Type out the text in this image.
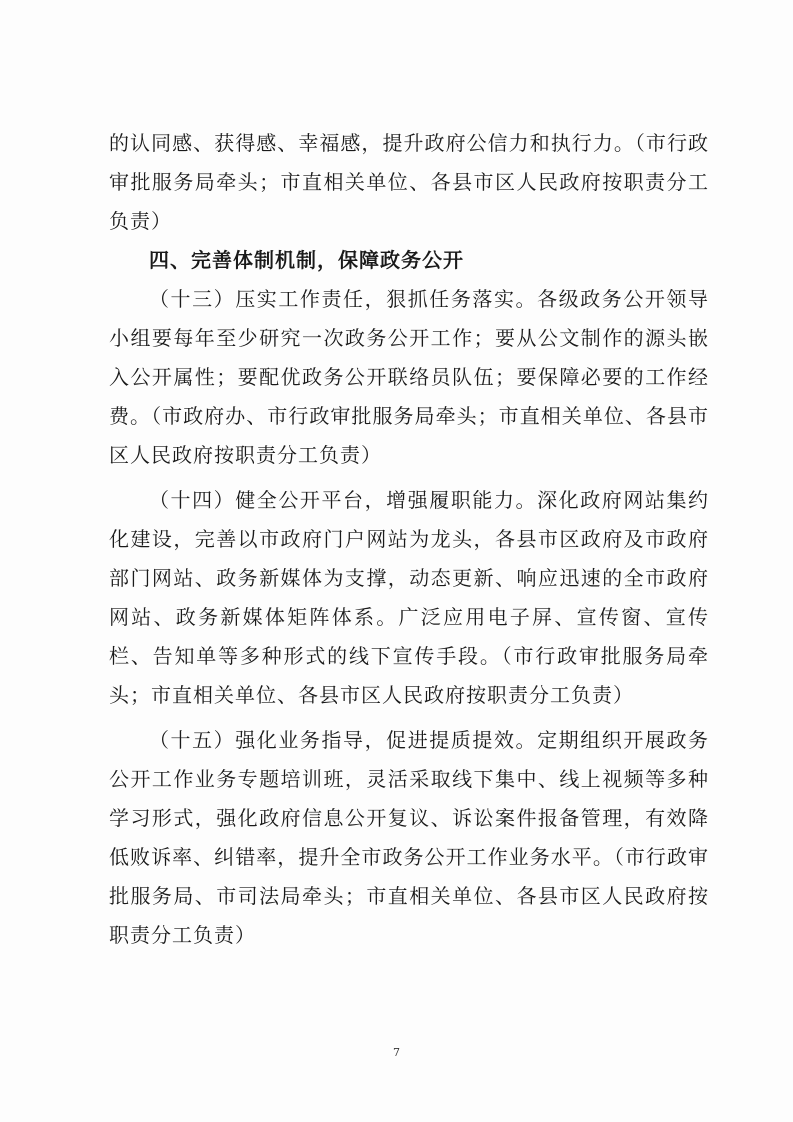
的认同感、获得感、幸福感，提升政府公信力和执行力。（市行政审批服务局牵头；市直相关单位、各县市区人民政府按职责分工负责）

四、完善体制机制，保障政务公开

（十三）压实工作责任，狠抓任务落实。各级政务公开领导小组要每年至少研究一次政务公开工作；要从公文制作的源头嵌入公开属性；要配优政务公开联络员队伍；要保障必要的工作经费。（市政府办、市行政审批服务局牵头；市直相关单位、各县市区人民政府按职责分工负责）

（十四）健全公开平台，增强履职能力。深化政府网站集约化建设，完善以市政府门户网站为龙头，各县市区政府及市政府部门网站、政务新媒体为支撑，动态更新、响应迅速的全市政府网站、政务新媒体矩阵体系。广泛应用电子屏、宣传窗、宣传栏、告知单等多种形式的线下宣传手段。（市行政审批服务局牵头；市直相关单位、各县市区人民政府按职责分工负责）

（十五）强化业务指导，促进提质提效。定期组织开展政务公开工作业务专题培训班，灵活采取线下集中、线上视频等多种学习形式，强化政府信息公开复议、诉讼案件报备管理，有效降低败诉率、纠错率，提升全市政务公开工作业务水平。（市行政审批服务局、市司法局牵头；市直相关单位、各县市区人民政府按职责分工负责）

7
